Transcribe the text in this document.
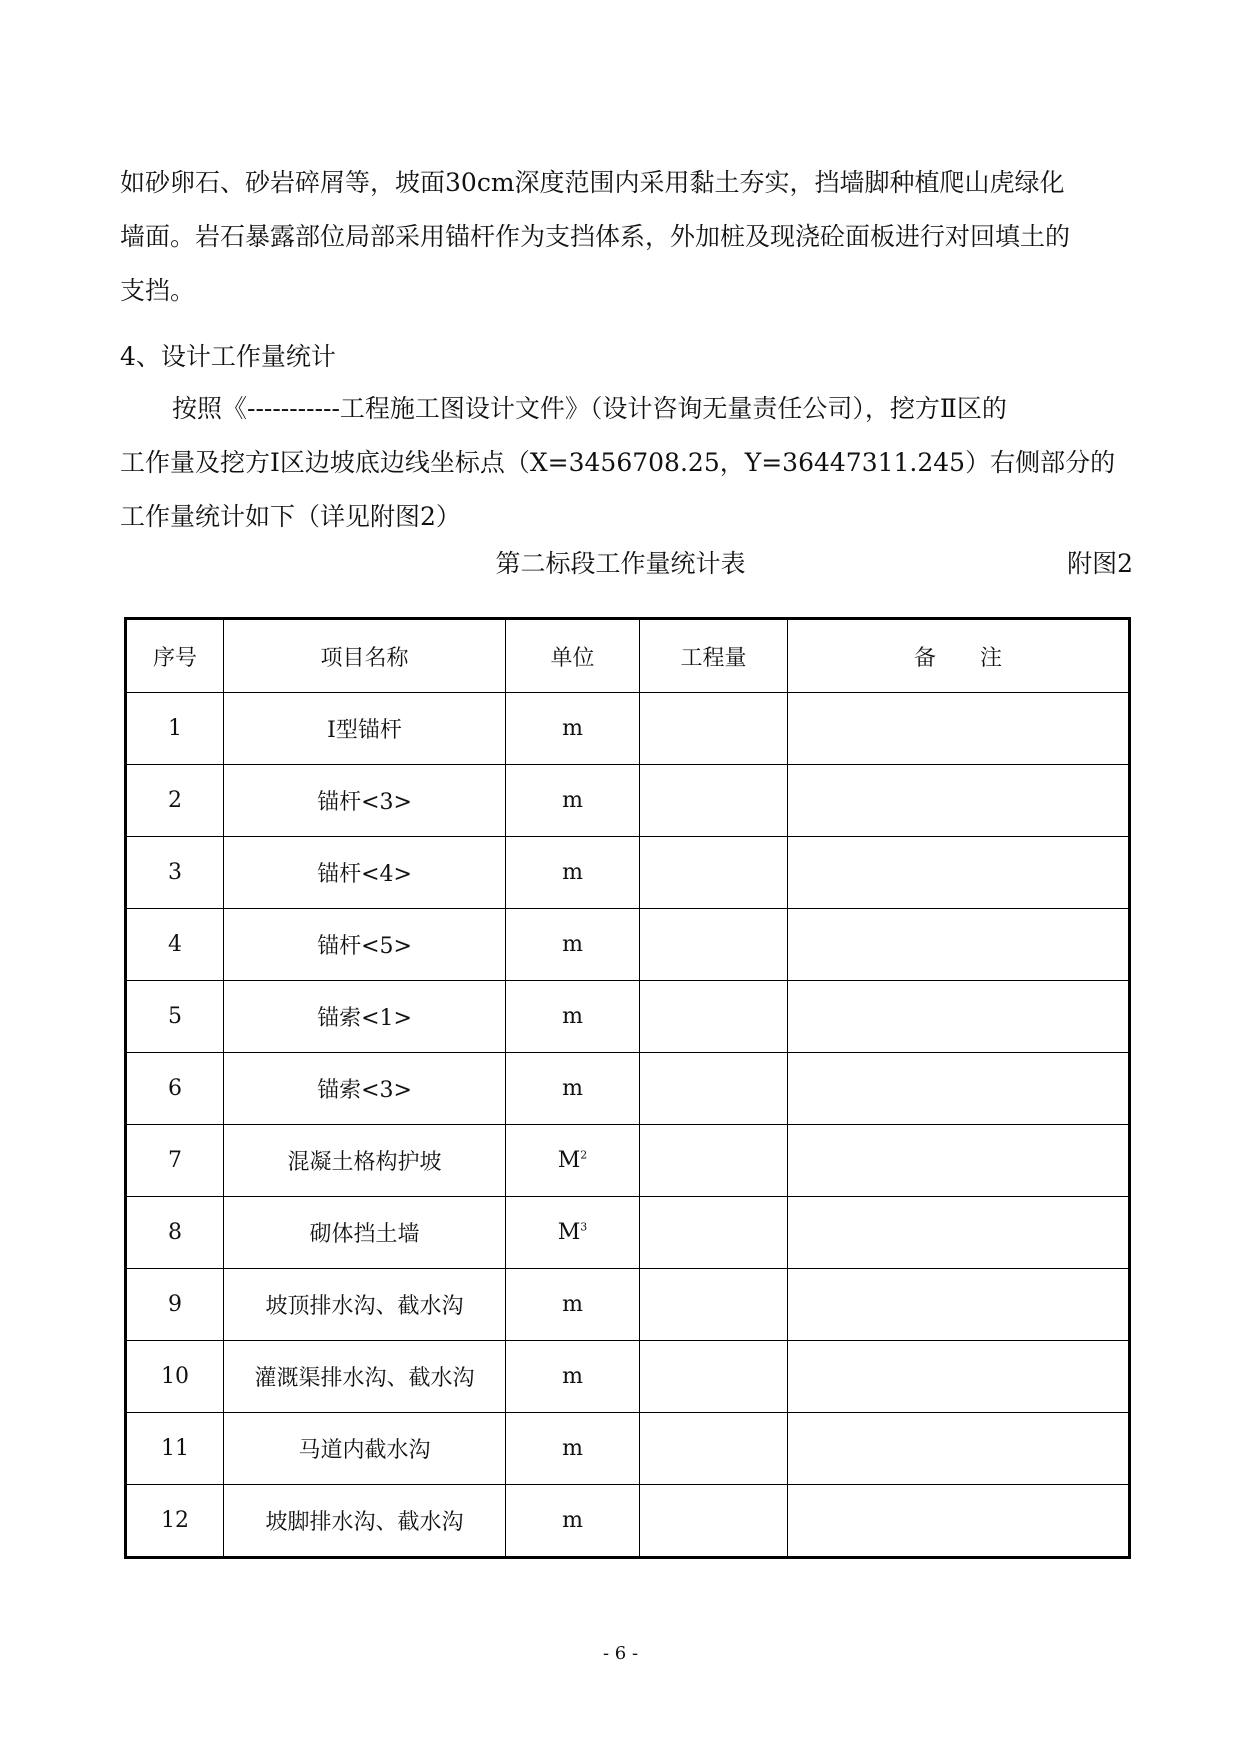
如砂卵石、砂岩碎屑等，坡面30cm深度范围内采用黏土夯实，挡墙脚种植爬山虎绿化
墙面。岩石暴露部位局部采用锚杆作为支挡体系，外加桩及现浇砼面板进行对回填土的
支挡。
4、设计工作量统计
按照《-----------工程施工图设计文件》（设计咨询无量责任公司），挖方Ⅱ区的
工作量及挖方Ⅰ区边坡底边线坐标点（X=3456708.25，Y=36447311.245）右侧部分的
工作量统计如下（详见附图2）
第二标段工作量统计表	附图2
序号	项目名称	单位	工程量	备　　注
1	Ⅰ型锚杆	m		
2	锚杆<3>	m		
3	锚杆<4>	m		
4	锚杆<5>	m		
5	锚索<1>	m		
6	锚索<3>	m		
7	混凝土格构护坡	$M^2$		
8	砌体挡土墙	$M^3$		
9	坡顶排水沟、截水沟	m		
10	灌溉渠排水沟、截水沟	m		
11	马道内截水沟	m		
12	坡脚排水沟、截水沟	m		
- 6 -
